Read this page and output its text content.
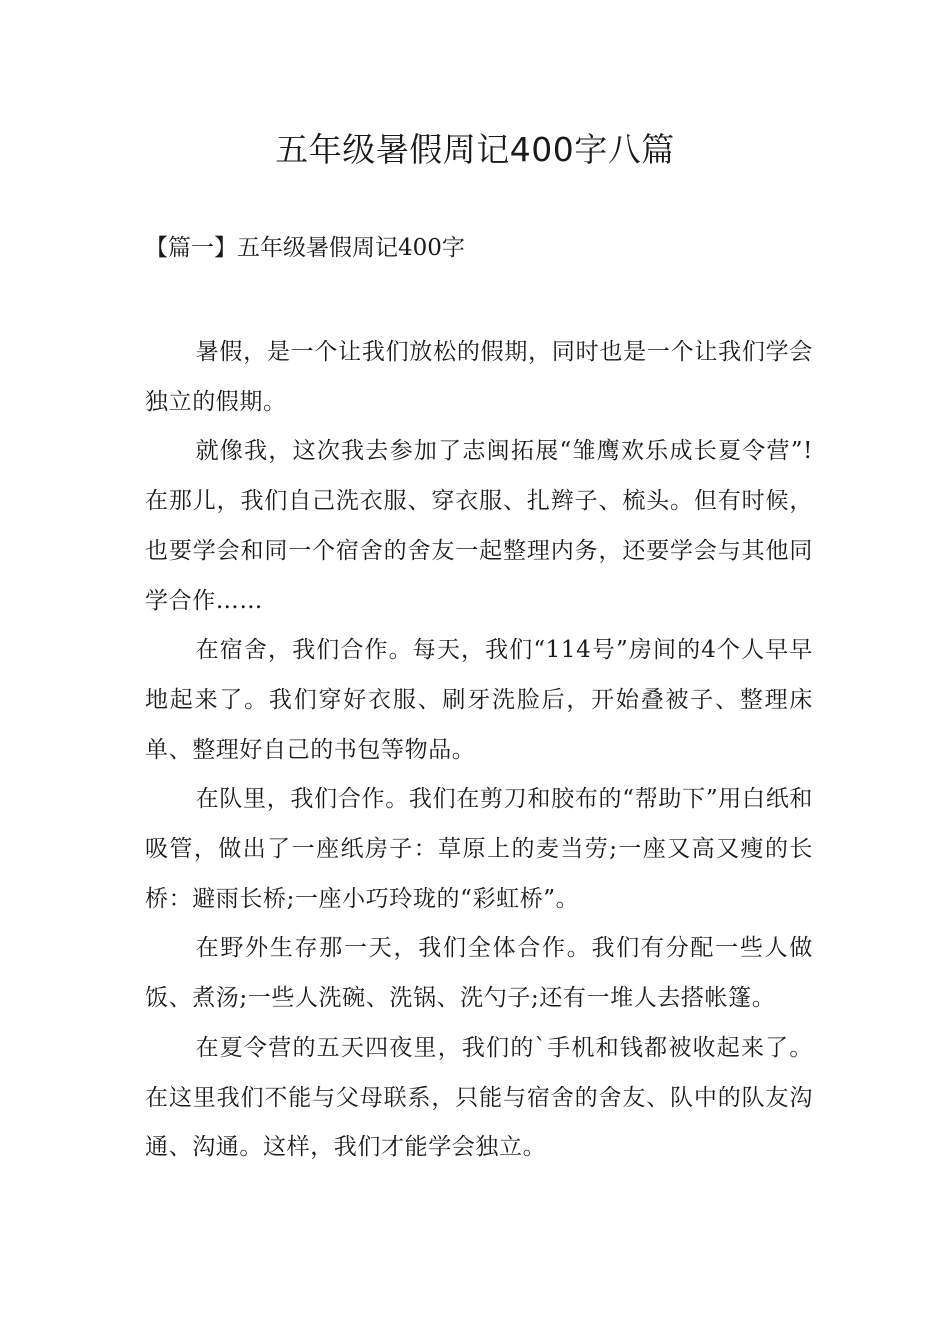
五年级暑假周记400字八篇
【篇一】五年级暑假周记400字

暑假，是一个让我们放松的假期，同时也是一个让我们学会独立的假期。

就像我，这次我去参加了志闽拓展“雏鹰欢乐成长夏令营”!在那儿，我们自己洗衣服、穿衣服、扎辫子、梳头。但有时候，也要学会和同一个宿舍的舍友一起整理内务，还要学会与其他同学合作……

在宿舍，我们合作。每天，我们“114号”房间的4个人早早地起来了。我们穿好衣服、刷牙洗脸后，开始叠被子、整理床单、整理好自己的书包等物品。

在队里，我们合作。我们在剪刀和胶布的“帮助下”用白纸和吸管，做出了一座纸房子：草原上的麦当劳;一座又高又瘦的长桥：避雨长桥;一座小巧玲珑的“彩虹桥”。

在野外生存那一天，我们全体合作。我们有分配一些人做饭、煮汤;一些人洗碗、洗锅、洗勺子;还有一堆人去搭帐篷。

在夏令营的五天四夜里，我们的`手机和钱都被收起来了。在这里我们不能与父母联系，只能与宿舍的舍友、队中的队友沟通、沟通。这样，我们才能学会独立。
